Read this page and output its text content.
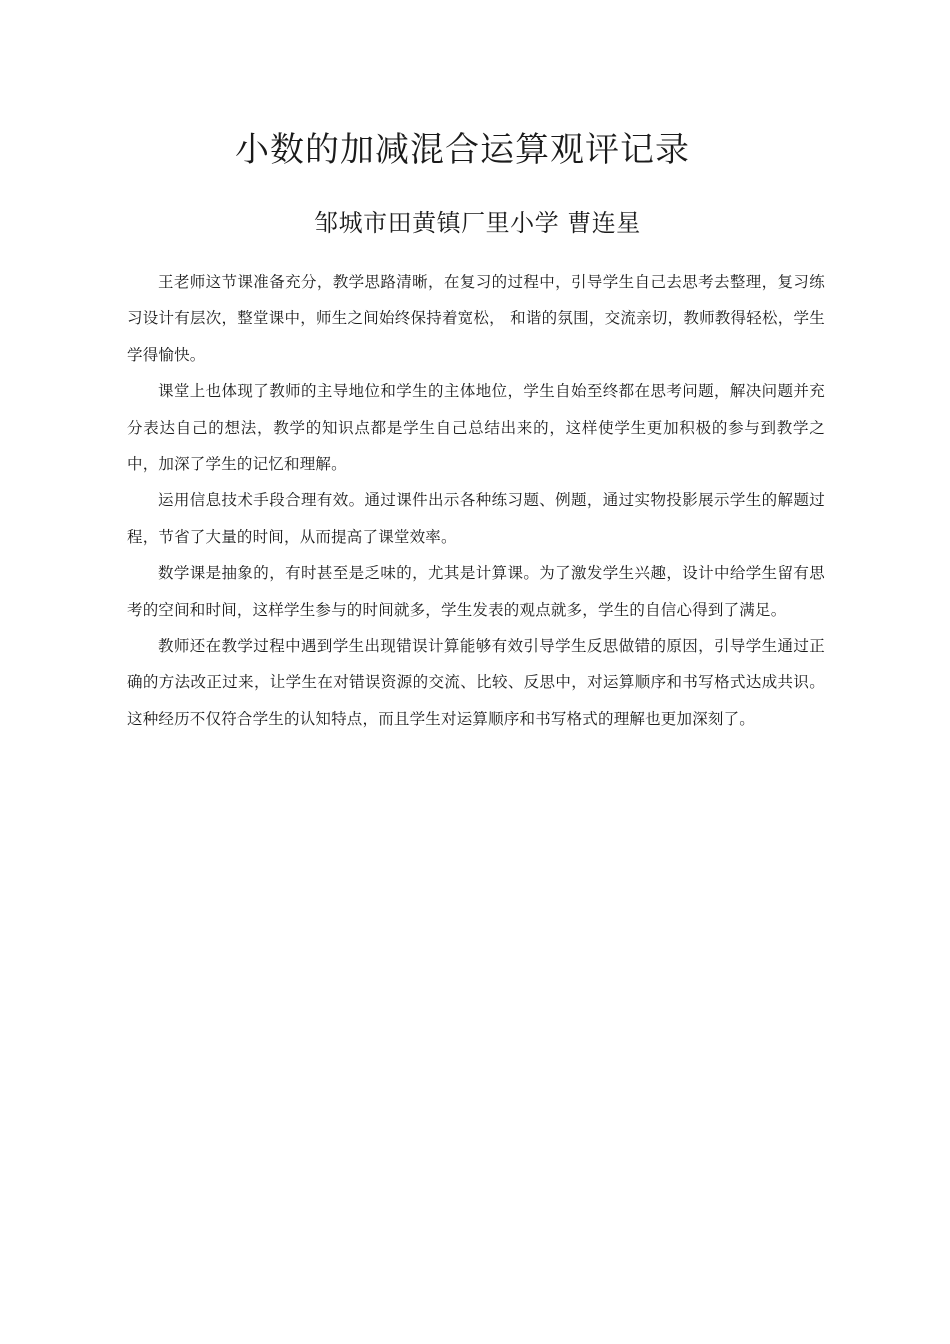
小数的加减混合运算观评记录
邹城市田黄镇厂里小学 曹连星

王老师这节课准备充分，教学思路清晰，在复习的过程中，引导学生自己去思考去整理，复习练习设计有层次，整堂课中，师生之间始终保持着宽松， 和谐的氛围，交流亲切，教师教得轻松，学生学得愉快。

课堂上也体现了教师的主导地位和学生的主体地位，学生自始至终都在思考问题，解决问题并充分表达自己的想法，教学的知识点都是学生自己总结出来的，这样使学生更加积极的参与到教学之中，加深了学生的记忆和理解。

运用信息技术手段合理有效。通过课件出示各种练习题、例题，通过实物投影展示学生的解题过程，节省了大量的时间，从而提高了课堂效率。

数学课是抽象的，有时甚至是乏味的，尤其是计算课。为了激发学生兴趣，设计中给学生留有思考的空间和时间，这样学生参与的时间就多，学生发表的观点就多，学生的自信心得到了满足。

教师还在教学过程中遇到学生出现错误计算能够有效引导学生反思做错的原因，引导学生通过正确的方法改正过来，让学生在对错误资源的交流、比较、反思中，对运算顺序和书写格式达成共识。这种经历不仅符合学生的认知特点，而且学生对运算顺序和书写格式的理解也更加深刻了。
